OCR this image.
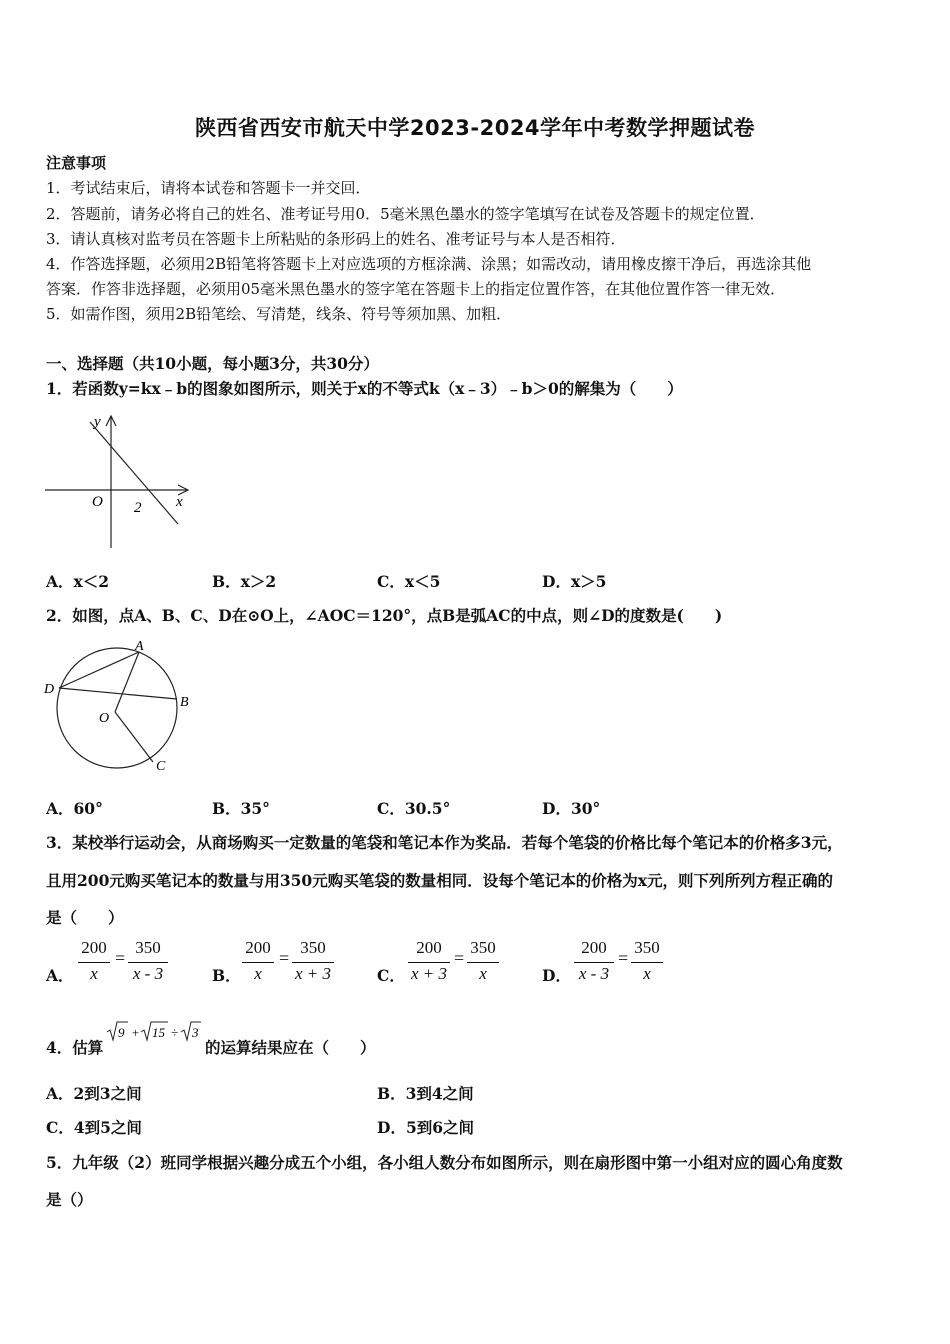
陕西省西安市航天中学2023-2024学年中考数学押题试卷
注意事项
1．考试结束后，请将本试卷和答题卡一并交回．
2．答题前，请务必将自己的姓名、准考证号用0．5毫米黑色墨水的签字笔填写在试卷及答题卡的规定位置．
3．请认真核对监考员在答题卡上所粘贴的条形码上的姓名、准考证号与本人是否相符．
4．作答选择题，必须用2B铅笔将答题卡上对应选项的方框涂满、涂黑；如需改动，请用橡皮擦干净后，再选涂其他
答案．作答非选择题，必须用05毫米黑色墨水的签字笔在答题卡上的指定位置作答，在其他位置作答一律无效．
5．如需作图，须用2B铅笔绘、写清楚，线条、符号等须加黑、加粗．
一、选择题（共10小题，每小题3分，共30分）
1．若函数y=kx﹣b的图象如图所示，则关于x的不等式k（x﹣3）﹣b＞0的解集为（　　）
y
O 2 x
A．x＜2	B．x＞2	C．x＜5	D．x＞5
2．如图，点A、B、C、D在⊙O上，∠AOC＝120°，点B是弧AC的中点，则∠D的度数是(　　)
A
B
C
D
O
A．60°	B．35°	C．30.5°	D．30°
3．某校举行运动会，从商场购买一定数量的笔袋和笔记本作为奖品．若每个笔袋的价格比每个笔记本的价格多3元，
且用200元购买笔记本的数量与用350元购买笔袋的数量相同．设每个笔记本的价格为x元，则下列所列方程正确的
是（　　）
A．
200
x
=
350
x - 3	B．
200
x
=
350
x + 3	C．
200
x + 3
=
350
x	D．
200
x - 3
=
350
x
4．估算
9 + 15 ÷ 3
的运算结果应在（　　）
A．2到3之间	B．3到4之间
C．4到5之间	D．5到6之间
5．九年级（2）班同学根据兴趣分成五个小组，各小组人数分布如图所示，则在扇形图中第一小组对应的圆心角度数
是（）
